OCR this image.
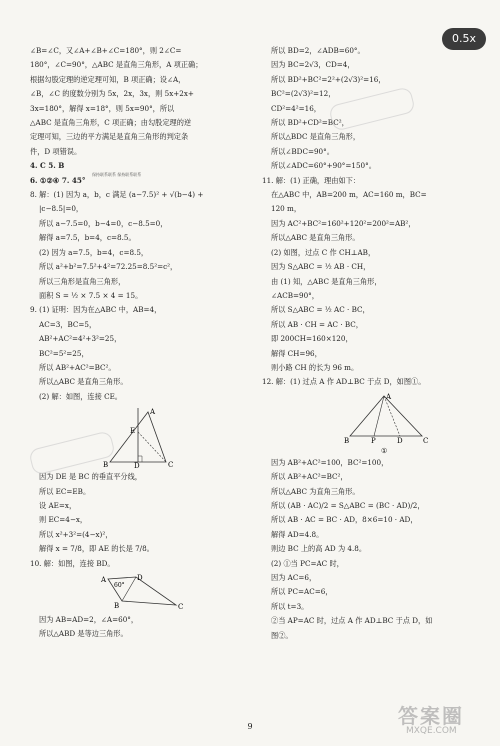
0.5x
∠B=∠C，又∠A+∠B+∠C=180°，则 2∠C=
180°，∠C=90°，△ABC 是直角三角形，A 项正确；
根据勾股定理的逆定理可知，B 项正确；设∠A，
∠B，∠C 的度数分别为 5x，2x，3x，则 5x+2x+
3x=180°，解得 x=18°，则 5x=90°，所以
△ABC 是直角三角形，C 项正确；由勾股定理的逆
定理可知，三边的平方满足是直角三角形的判定条
件，D 项错误。
4. C 5. B
6. ①②④ 7. 45°
8. 解：(1) 因为 a，b，c 满足 (a−7.5)² + √(b−4) +
|c−8.5|=0，
所以 a−7.5=0，b−4=0，c−8.5=0，
解得 a=7.5，b=4，c=8.5。
(2) 因为 a=7.5，b=4，c=8.5，
所以 a²+b²=7.5²+4²=72.25=8.5²=c²，
所以三角形是直角三角形，
面积 S = ½ × 7.5 × 4 = 15。
9. (1) 证明：因为在△ABC 中，AB=4，
AC=3，BC=5，
AB²+AC²=4²+3²=25，
BC²=5²=25，
所以 AB²+AC²=BC²。
所以△ABC 是直角三角形。
(2) 解：如图，连接 CE。
A
E
B	D	C
因为 DE 是 BC 的垂直平分线，
所以 EC=EB。
设 AE=x，
则 EC=4−x，
所以 x²+3²=(4−x)²，
解得 x = 7/8，即 AE 的长是 7/8。
10. 解：如图，连接 BD。
A
60°
D
B	C
因为 AB=AD=2，∠A=60°，
所以△ABD 是等边三角形。
所以 BD=2，∠ADB=60°。
因为 BC=2√3，CD=4，
所以 BD²+BC²=2²+(2√3)²=16，
BC²=(2√3)²=12，
CD²=4²=16，
所以 BD²+CD²=BC²，
所以△BDC 是直角三角形，
所以∠BDC=90°。
所以∠ADC=60°+90°=150°。
11. 解：(1) 正确，理由如下：
在△ABC 中，AB=200 m，AC=160 m，BC=
120 m，
因为 AC²+BC²=160²+120²=200²=AB²，
所以△ABC 是直角三角形。
(2) 如图，过点 C 作 CH⊥AB，
因为 S△ABC = ½ AB · CH，
由 (1) 知，△ABC 是直角三角形，
∠ACB=90°，
所以 S△ABC = ½ AC · BC，
所以 AB · CH = AC · BC，
即 200CH=160×120，
解得 CH=96，
则小路 CH 的长为 96 m。
12. 解：(1) 过点 A 作 AD⊥BC 于点 D，如图①。
A
B	P	D	C
①
因为 AB²+AC²=100，BC²=100，
所以 AB²+AC²=BC²，
所以△ABC 为直角三角形。
所以 (AB · AC)/2 = S△ABC = (BC · AD)/2，
所以 AB · AC = BC · AD，8×6=10 · AD，
解得 AD=4.8。
则边 BC 上的高 AD 为 4.8。
(2) ①当 PC=AC 时，
因为 AC=6，
所以 PC=AC=6，
所以 t=3。
②当 AP=AC 时，过点 A 作 AD⊥BC 于点 D，如
图②。
保持联系联系 保持联系联系
9	答案圈
MXQE.COM
